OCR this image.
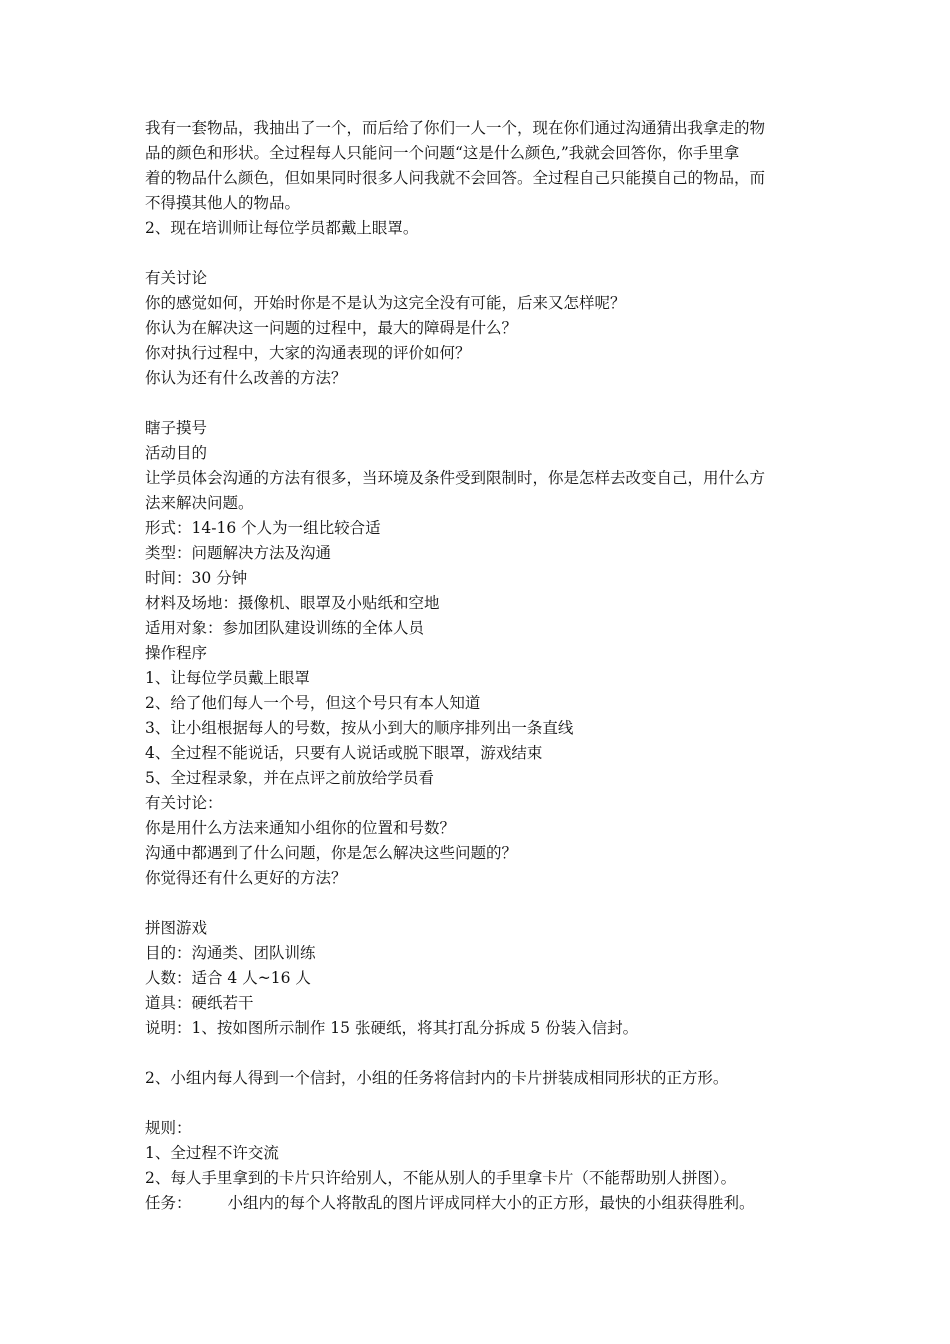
我有一套物品，我抽出了一个，而后给了你们一人一个，现在你们通过沟通猜出我拿走的物
品的颜色和形状。全过程每人只能问一个问题“这是什么颜色,”我就会回答你，你手里拿
着的物品什么颜色，但如果同时很多人问我就不会回答。全过程自己只能摸自己的物品，而
不得摸其他人的物品。
2、现在培训师让每位学员都戴上眼罩。
有关讨论
你的感觉如何，开始时你是不是认为这完全没有可能，后来又怎样呢？
你认为在解决这一问题的过程中，最大的障碍是什么？
你对执行过程中，大家的沟通表现的评价如何？
你认为还有什么改善的方法？
瞎子摸号
活动目的
让学员体会沟通的方法有很多，当环境及条件受到限制时，你是怎样去改变自己，用什么方
法来解决问题。
形式：14-16 个人为一组比较合适
类型：问题解决方法及沟通
时间：30 分钟
材料及场地：摄像机、眼罩及小贴纸和空地
适用对象：参加团队建设训练的全体人员
操作程序
1、让每位学员戴上眼罩
2、给了他们每人一个号，但这个号只有本人知道
3、让小组根据每人的号数，按从小到大的顺序排列出一条直线
4、全过程不能说话，只要有人说话或脱下眼罩，游戏结束
5、全过程录象，并在点评之前放给学员看
有关讨论：
你是用什么方法来通知小组你的位置和号数？
沟通中都遇到了什么问题，你是怎么解决这些问题的？
你觉得还有什么更好的方法？
拼图游戏
目的：沟通类、团队训练
人数：适合 4 人~16 人
道具：硬纸若干
说明：1、按如图所示制作 15 张硬纸，将其打乱分拆成 5 份装入信封。
2、小组内每人得到一个信封，小组的任务将信封内的卡片拼装成相同形状的正方形。
规则：
1、全过程不许交流
2、每人手里拿到的卡片只许给别人，不能从别人的手里拿卡片（不能帮助别人拼图）。
任务： 小组内的每个人将散乱的图片评成同样大小的正方形，最快的小组获得胜利。
